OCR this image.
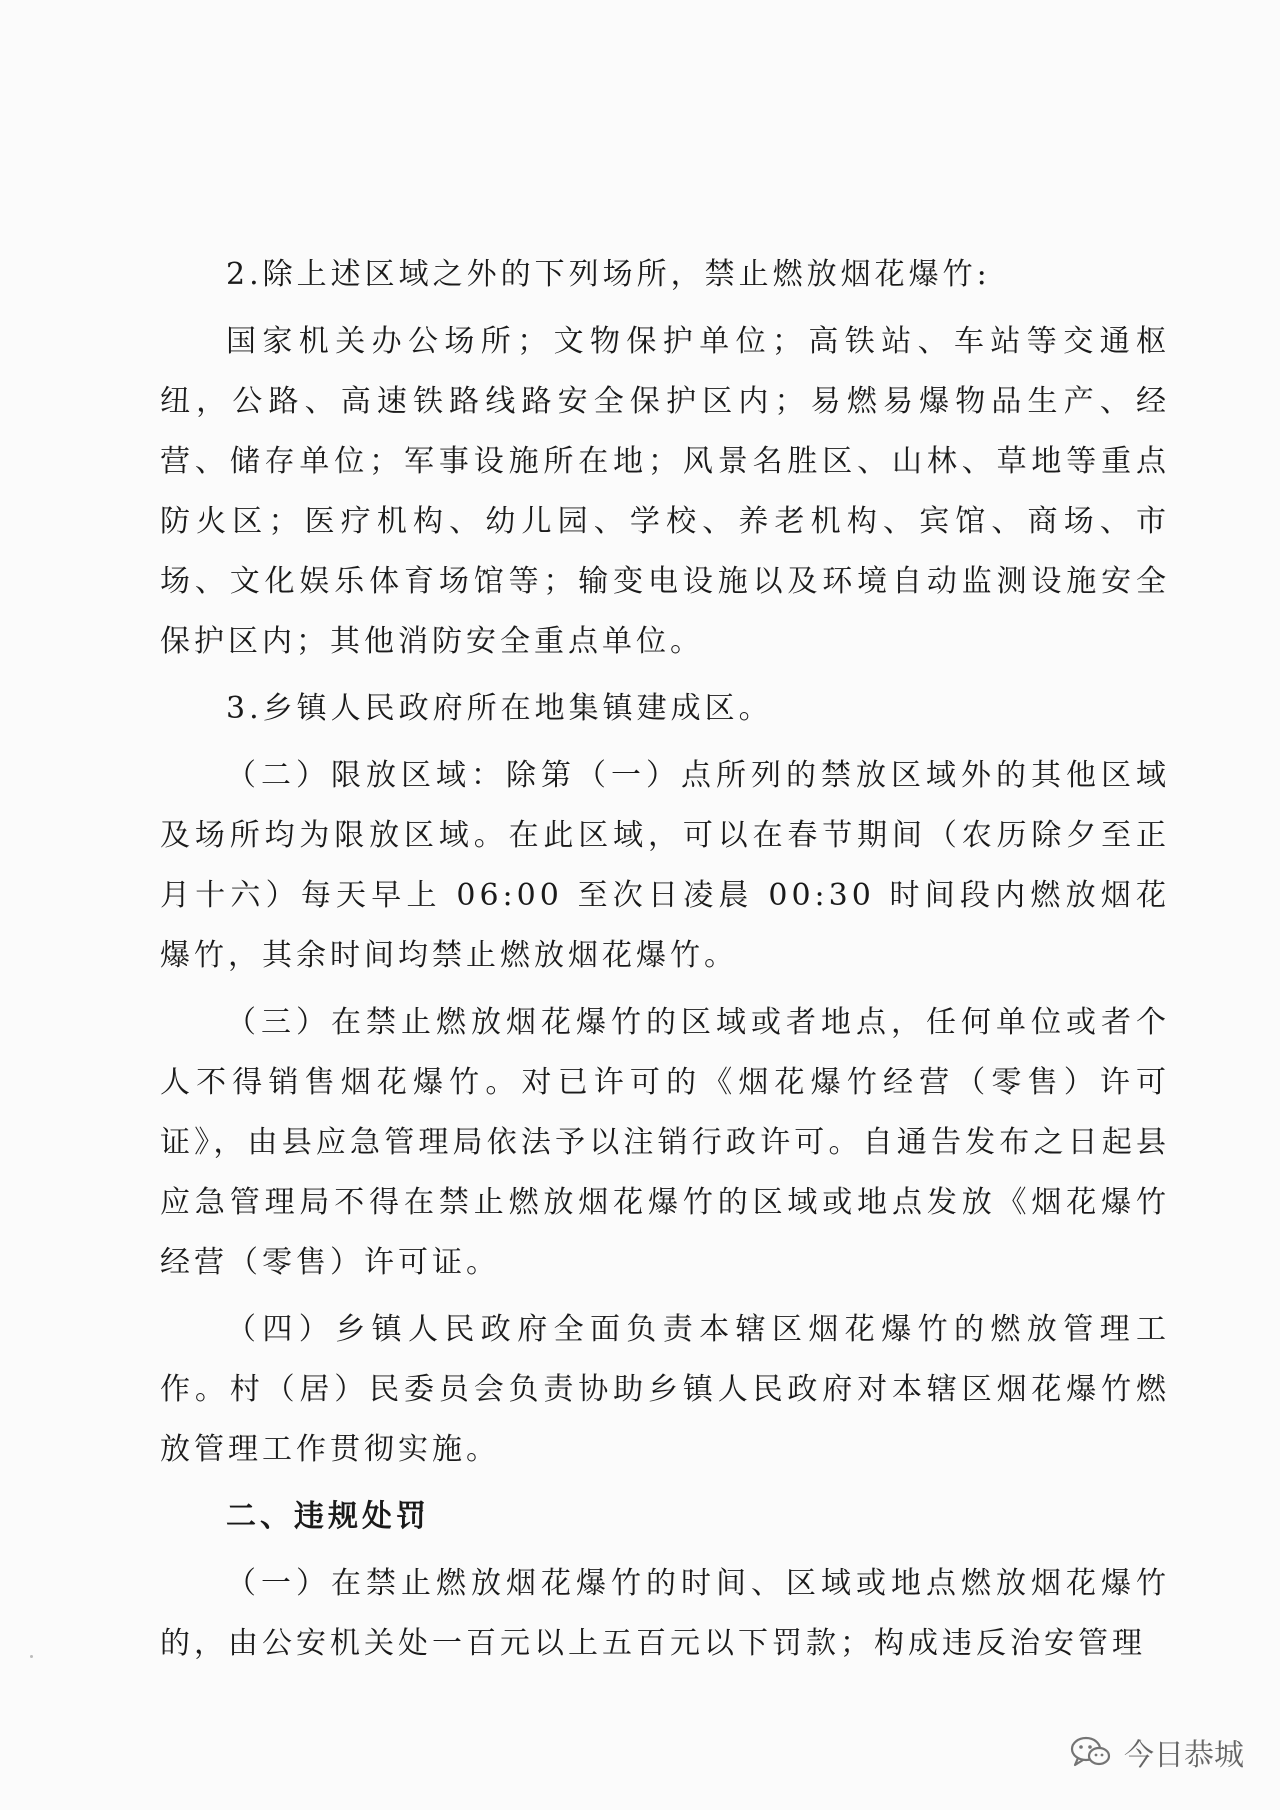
2.除上述区域之外的下列场所，禁止燃放烟花爆竹:

国家机关办公场所；文物保护单位；高铁站、车站等交通枢纽，公路、高速铁路线路安全保护区内；易燃易爆物品生产、经营、储存单位；军事设施所在地；风景名胜区、山林、草地等重点防火区；医疗机构、幼儿园、学校、养老机构、宾馆、商场、市场、文化娱乐体育场馆等；输变电设施以及环境自动监测设施安全保护区内；其他消防安全重点单位。

3.乡镇人民政府所在地集镇建成区。

（二）限放区域：除第（一）点所列的禁放区域外的其他区域及场所均为限放区域。在此区域，可以在春节期间（农历除夕至正月十六）每天早上 06:00 至次日凌晨 00:30 时间段内燃放烟花爆竹，其余时间均禁止燃放烟花爆竹。

（三）在禁止燃放烟花爆竹的区域或者地点，任何单位或者个人不得销售烟花爆竹。对已许可的《烟花爆竹经营（零售）许可证》，由县应急管理局依法予以注销行政许可。自通告发布之日起县应急管理局不得在禁止燃放烟花爆竹的区域或地点发放《烟花爆竹经营（零售）许可证。

（四）乡镇人民政府全面负责本辖区烟花爆竹的燃放管理工作。村（居）民委员会负责协助乡镇人民政府对本辖区烟花爆竹燃放管理工作贯彻实施。

二、违规处罚

（一）在禁止燃放烟花爆竹的时间、区域或地点燃放烟花爆竹的，由公安机关处一百元以上五百元以下罚款；构成违反治安管理

今日恭城
